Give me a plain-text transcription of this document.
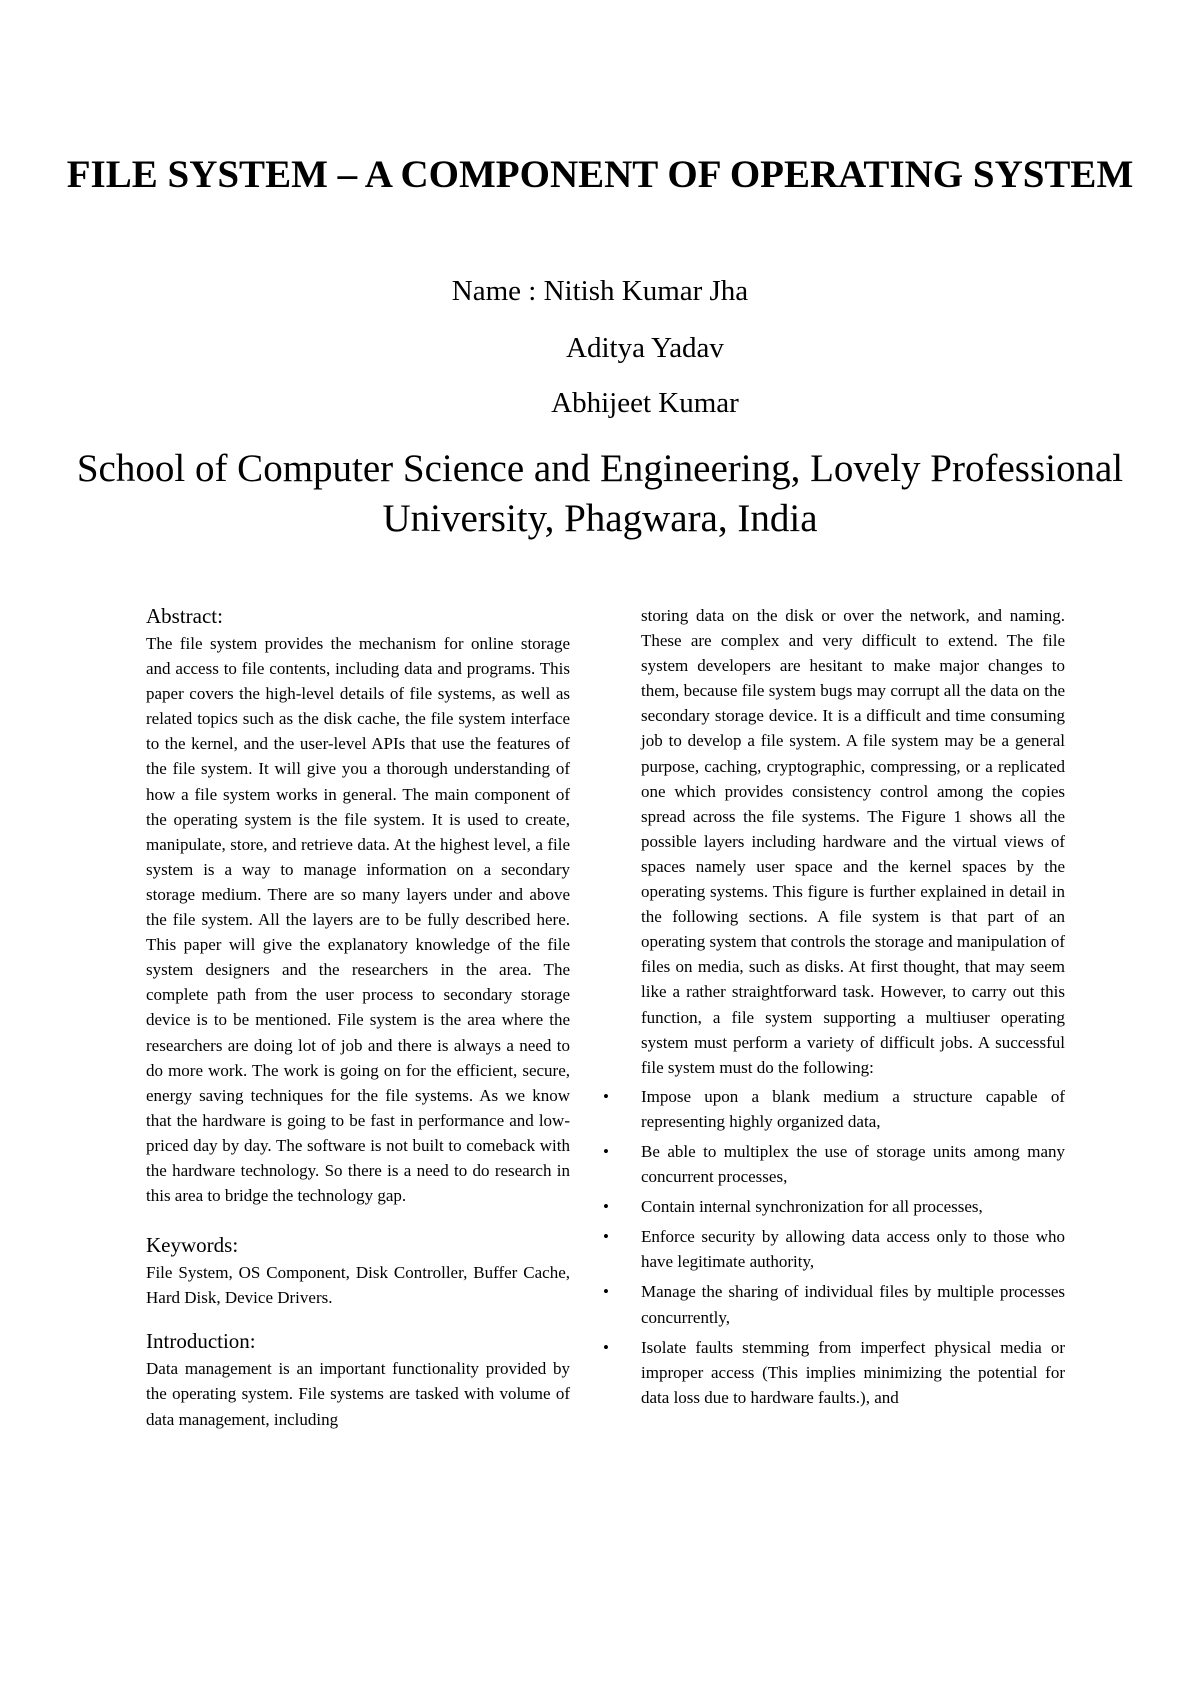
FILE SYSTEM – A COMPONENT OF OPERATING SYSTEM
Name : Nitish Kumar Jha
Aditya Yadav
Abhijeet Kumar
School of Computer Science and Engineering, Lovely Professional University, Phagwara, India
Abstract:

The file system provides the mechanism for online storage and access to file contents, including data and programs. This paper covers the high-level details of file systems, as well as related topics such as the disk cache, the file system interface to the kernel, and the user-level APIs that use the features of the file system. It will give you a thorough understanding of how a file system works in general. The main component of the operating system is the file system. It is used to create, manipulate, store, and retrieve data. At the highest level, a file system is a way to manage information on a secondary storage medium. There are so many layers under and above the file system. All the layers are to be fully described here. This paper will give the explanatory knowledge of the file system designers and the researchers in the area. The complete path from the user process to secondary storage device is to be mentioned. File system is the area where the researchers are doing lot of job and there is always a need to do more work. The work is going on for the efficient, secure, energy saving techniques for the file systems. As we know that the hardware is going to be fast in performance and low-priced day by day. The software is not built to comeback with the hardware technology. So there is a need to do research in this area to bridge the technology gap.

Keywords:

File System, OS Component, Disk Controller, Buffer Cache, Hard Disk, Device Drivers.

Introduction:

Data management is an important functionality provided by the operating system. File systems are tasked with volume of data management, including

storing data on the disk or over the network, and naming. These are complex and very difficult to extend. The file system developers are hesitant to make major changes to them, because file system bugs may corrupt all the data on the secondary storage device. It is a difficult and time consuming job to develop a file system. A file system may be a general purpose, caching, cryptographic, compressing, or a replicated one which provides consistency control among the copies spread across the file systems. The Figure 1 shows all the possible layers including hardware and the virtual views of spaces namely user space and the kernel spaces by the operating systems. This figure is further explained in detail in the following sections. A file system is that part of an operating system that controls the storage and manipulation of files on media, such as disks. At first thought, that may seem like a rather straightforward task. However, to carry out this function, a file system supporting a multiuser operating system must perform a variety of difficult jobs. A successful file system must do the following:

• Impose upon a blank medium a structure capable of representing highly organized data,
• Be able to multiplex the use of storage units among many concurrent processes,
• Contain internal synchronization for all processes,
• Enforce security by allowing data access only to those who have legitimate authority,
• Manage the sharing of individual files by multiple processes concurrently,
• Isolate faults stemming from imperfect physical media or improper access (This implies minimizing the potential for data loss due to hardware faults.), and
